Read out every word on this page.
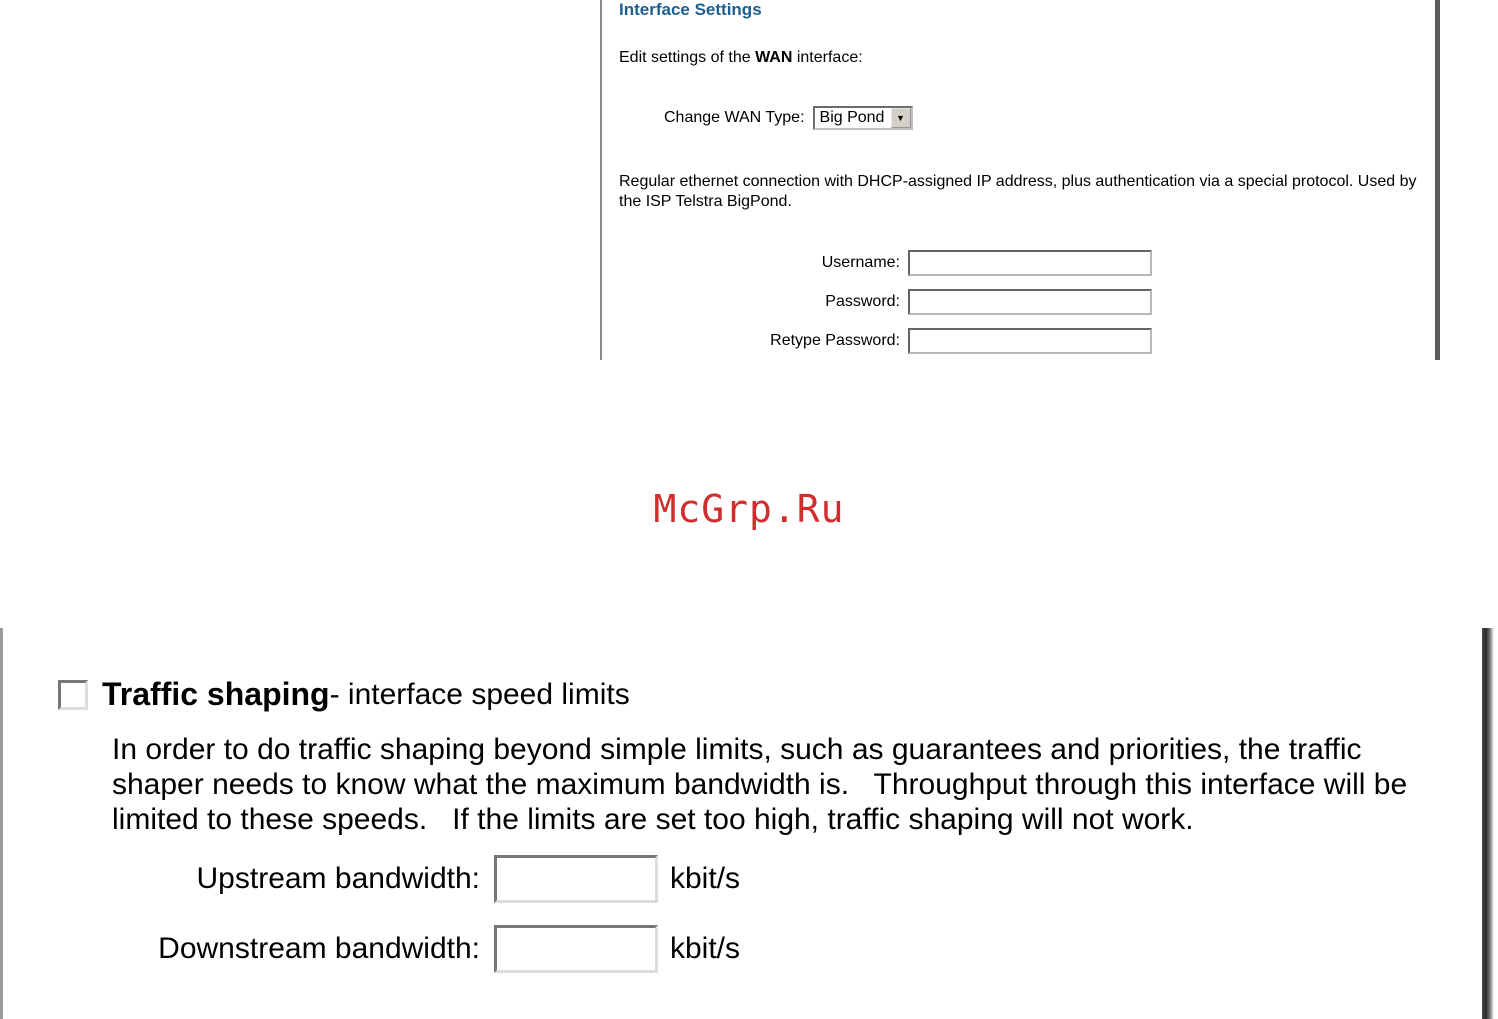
Interface Settings
Edit settings of the WAN interface:
Change WAN Type: Big Pond	▼
Regular ethernet connection with DHCP-assigned IP address, plus authentication via a special protocol. Used by the ISP Telstra BigPond.
Username:
Password:
Retype Password:
McGrp.Ru
Traffic shaping - interface speed limits
In order to do traffic shaping beyond simple limits, such as guarantees and priorities, the traffic shaper needs to know what the maximum bandwidth is.   Throughput through this interface will be limited to these speeds.   If the limits are set too high, traffic shaping will not work.
Upstream bandwidth:	kbit/s
Downstream bandwidth:	kbit/s
